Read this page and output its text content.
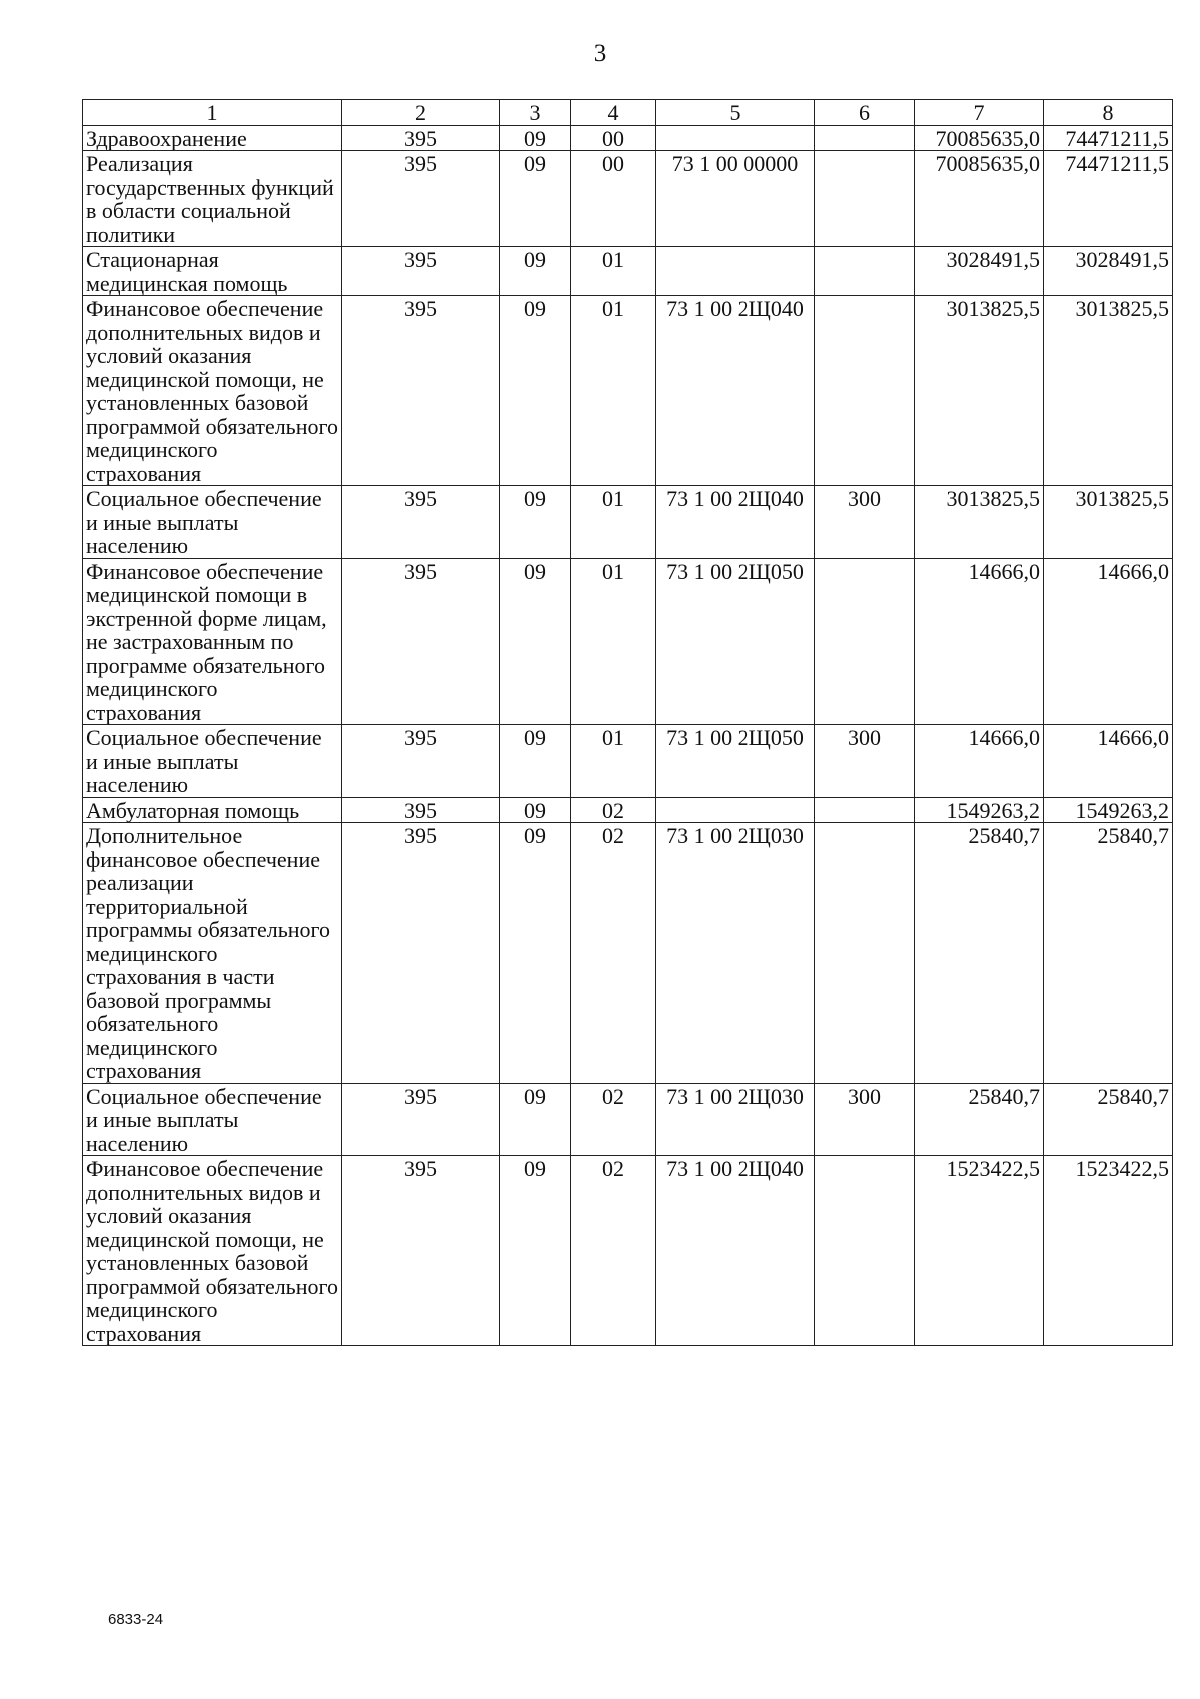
3
1	2	3	4	5	6	7	8
Здравоохранение	395	09	00			70085635,0	74471211,5
Реализация государственных функций в области социальной политики	395	09	00	73 1 00 00000		70085635,0	74471211,5
Стационарная медицинская помощь	395	09	01			3028491,5	3028491,5
Финансовое обеспечение дополнительных видов и условий оказания медицинской помощи, не установленных базовой программой обязательного медицинского страхования	395	09	01	73 1 00 2Щ040		3013825,5	3013825,5
Социальное обеспечение и иные выплаты населению	395	09	01	73 1 00 2Щ040	300	3013825,5	3013825,5
Финансовое обеспечение медицинской помощи в экстренной форме лицам, не застрахованным по программе обязательного медицинского страхования	395	09	01	73 1 00 2Щ050		14666,0	14666,0
Социальное обеспечение и иные выплаты населению	395	09	01	73 1 00 2Щ050	300	14666,0	14666,0
Амбулаторная помощь	395	09	02			1549263,2	1549263,2
Дополнительное финансовое обеспечение реализации территориальной программы обязательного медицинского страхования в части базовой программы обязательного медицинского страхования	395	09	02	73 1 00 2Щ030		25840,7	25840,7
Социальное обеспечение и иные выплаты населению	395	09	02	73 1 00 2Щ030	300	25840,7	25840,7
Финансовое обеспечение дополнительных видов и условий оказания медицинской помощи, не установленных базовой программой обязательного медицинского страхования	395	09	02	73 1 00 2Щ040		1523422,5	1523422,5
6833-24
